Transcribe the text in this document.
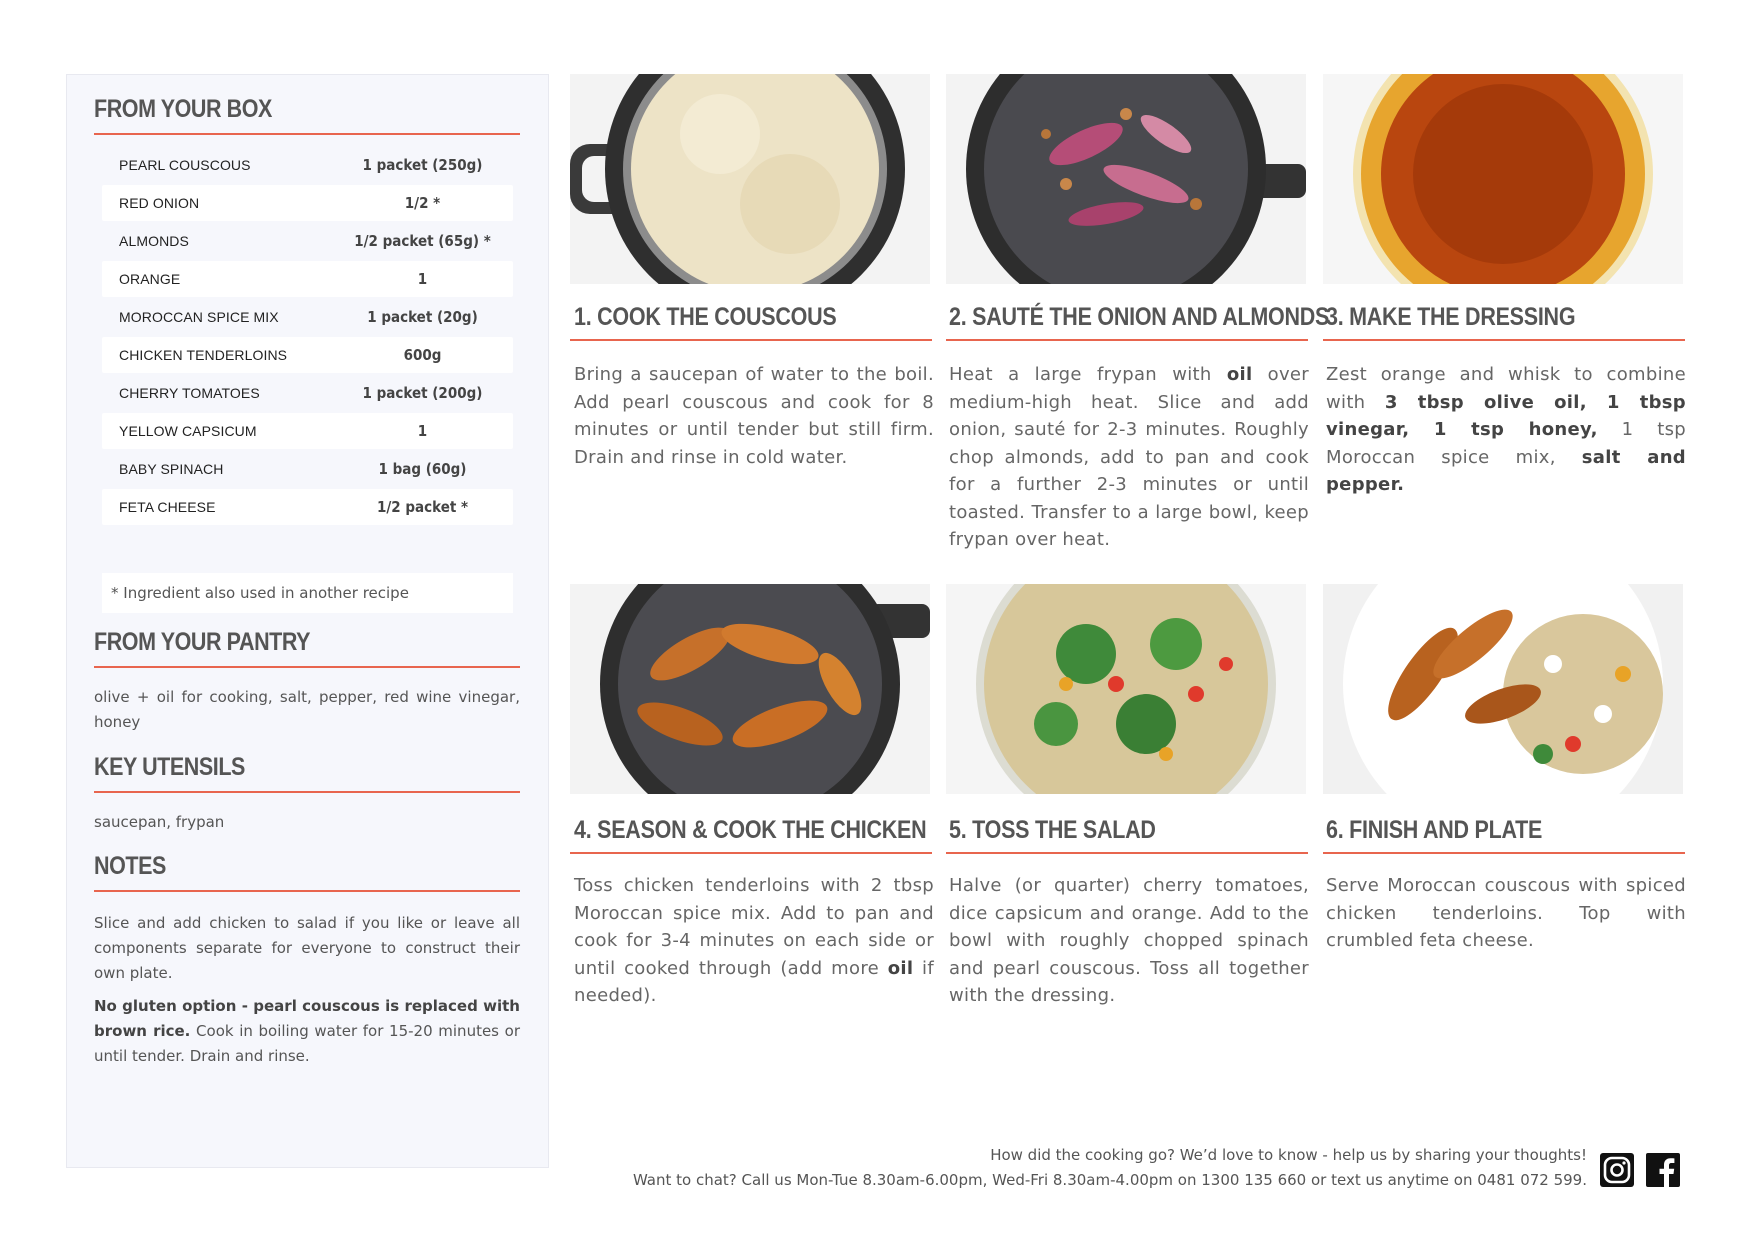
FROM YOUR BOX
PEARL COUSCOUS	1 packet (250g)
RED ONION	1/2 *
ALMONDS	1/2 packet (65g) *
ORANGE	1
MOROCCAN SPICE MIX	1 packet (20g)
CHICKEN TENDERLOINS	600g
CHERRY TOMATOES	1 packet (200g)
YELLOW CAPSICUM	1
BABY SPINACH	1 bag (60g)
FETA CHEESE	1/2 packet *
* Ingredient also used in another recipe
FROM YOUR PANTRY
olive + oil for cooking, salt, pepper, red wine vinegar, honey
KEY UTENSILS
saucepan, frypan
NOTES
Slice and add chicken to salad if you like or leave all components separate for everyone to construct their own plate.
No gluten option - pearl couscous is replaced with brown rice. Cook in boiling water for 15-20 minutes or until tender. Drain and rinse.
1. COOK THE COUSCOUS
Bring a saucepan of water to the boil. Add pearl couscous and cook for 8 minutes or until tender but still firm. Drain and rinse in cold water.
2. SAUTÉ THE ONION AND ALMONDS
Heat a large frypan with oil over medium-high heat. Slice and add onion, sauté for 2-3 minutes. Roughly chop almonds, add to pan and cook for a further 2-3 minutes or until toasted. Transfer to a large bowl, keep frypan over heat.
3. MAKE THE DRESSING
Zest orange and whisk to combine with 3 tbsp olive oil, 1 tbsp vinegar, 1 tsp honey, 1 tsp Moroccan spice mix, salt and pepper.
4. SEASON & COOK THE CHICKEN
Toss chicken tenderloins with 2 tbsp Moroccan spice mix. Add to pan and cook for 3-4 minutes on each side or until cooked through (add more oil if needed).
5. TOSS THE SALAD
Halve (or quarter) cherry tomatoes, dice capsicum and orange. Add to the bowl with roughly chopped spinach and pearl couscous. Toss all together with the dressing.
6. FINISH AND PLATE
Serve Moroccan couscous with spiced chicken tenderloins. Top with crumbled feta cheese.
How did the cooking go? We’d love to know - help us by sharing your thoughts!
Want to chat? Call us Mon-Tue 8.30am-6.00pm, Wed-Fri 8.30am-4.00pm on 1300 135 660 or text us anytime on 0481 072 599.
